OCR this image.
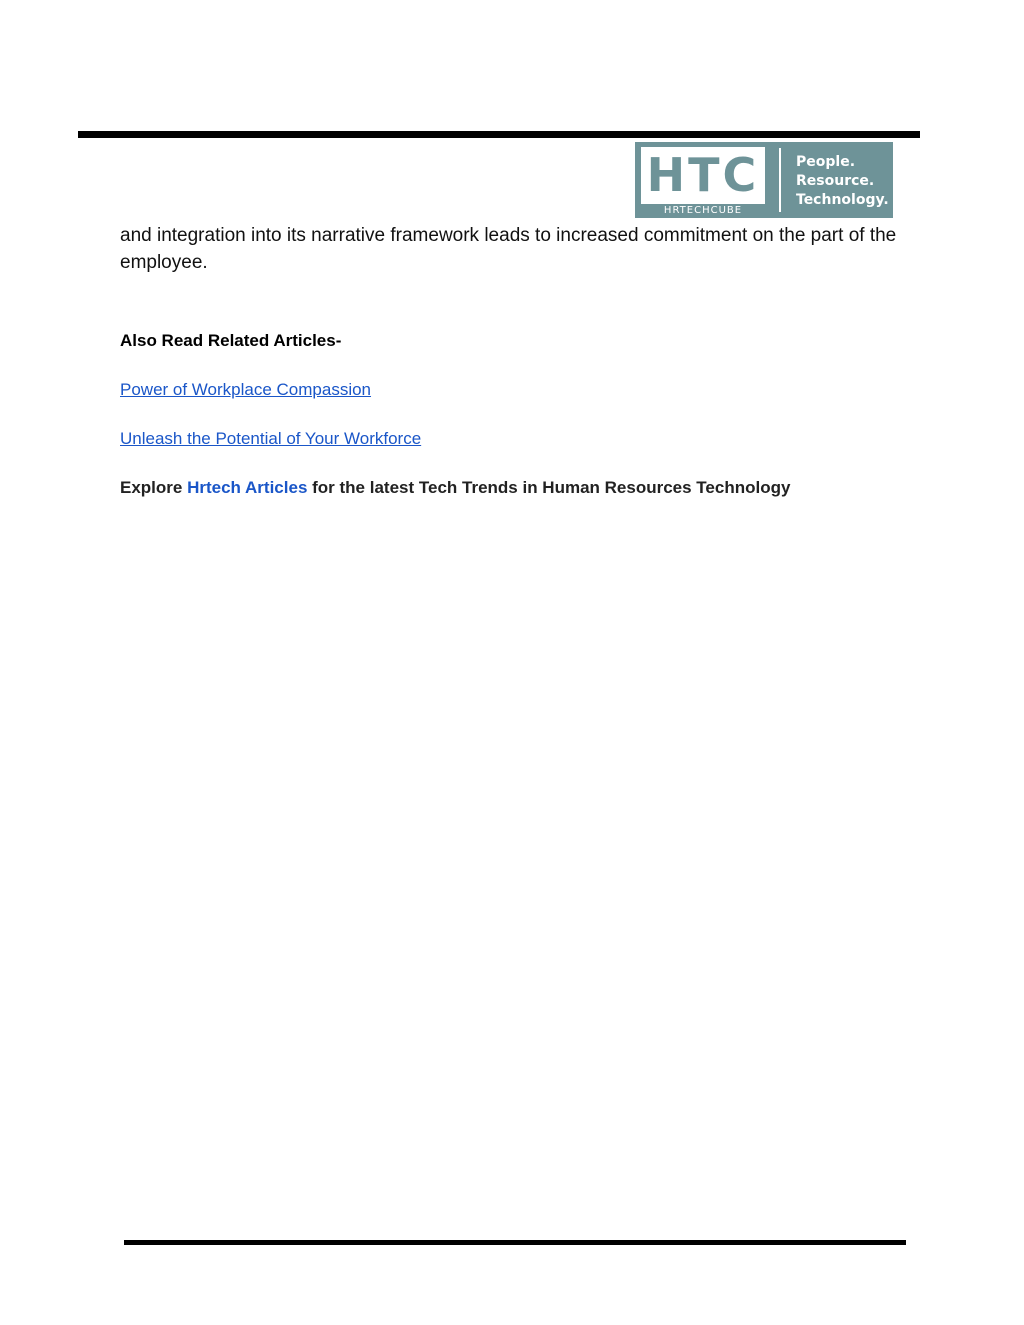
HTC
HRTECHCUBE
People.
Resource.
Technology.

and integration into its narrative framework leads to increased commitment on the part of the employee.

Also Read Related Articles-

Power of Workplace Compassion
Unleash the Potential of Your Workforce

Explore Hrtech Articles for the latest Tech Trends in Human Resources Technology
